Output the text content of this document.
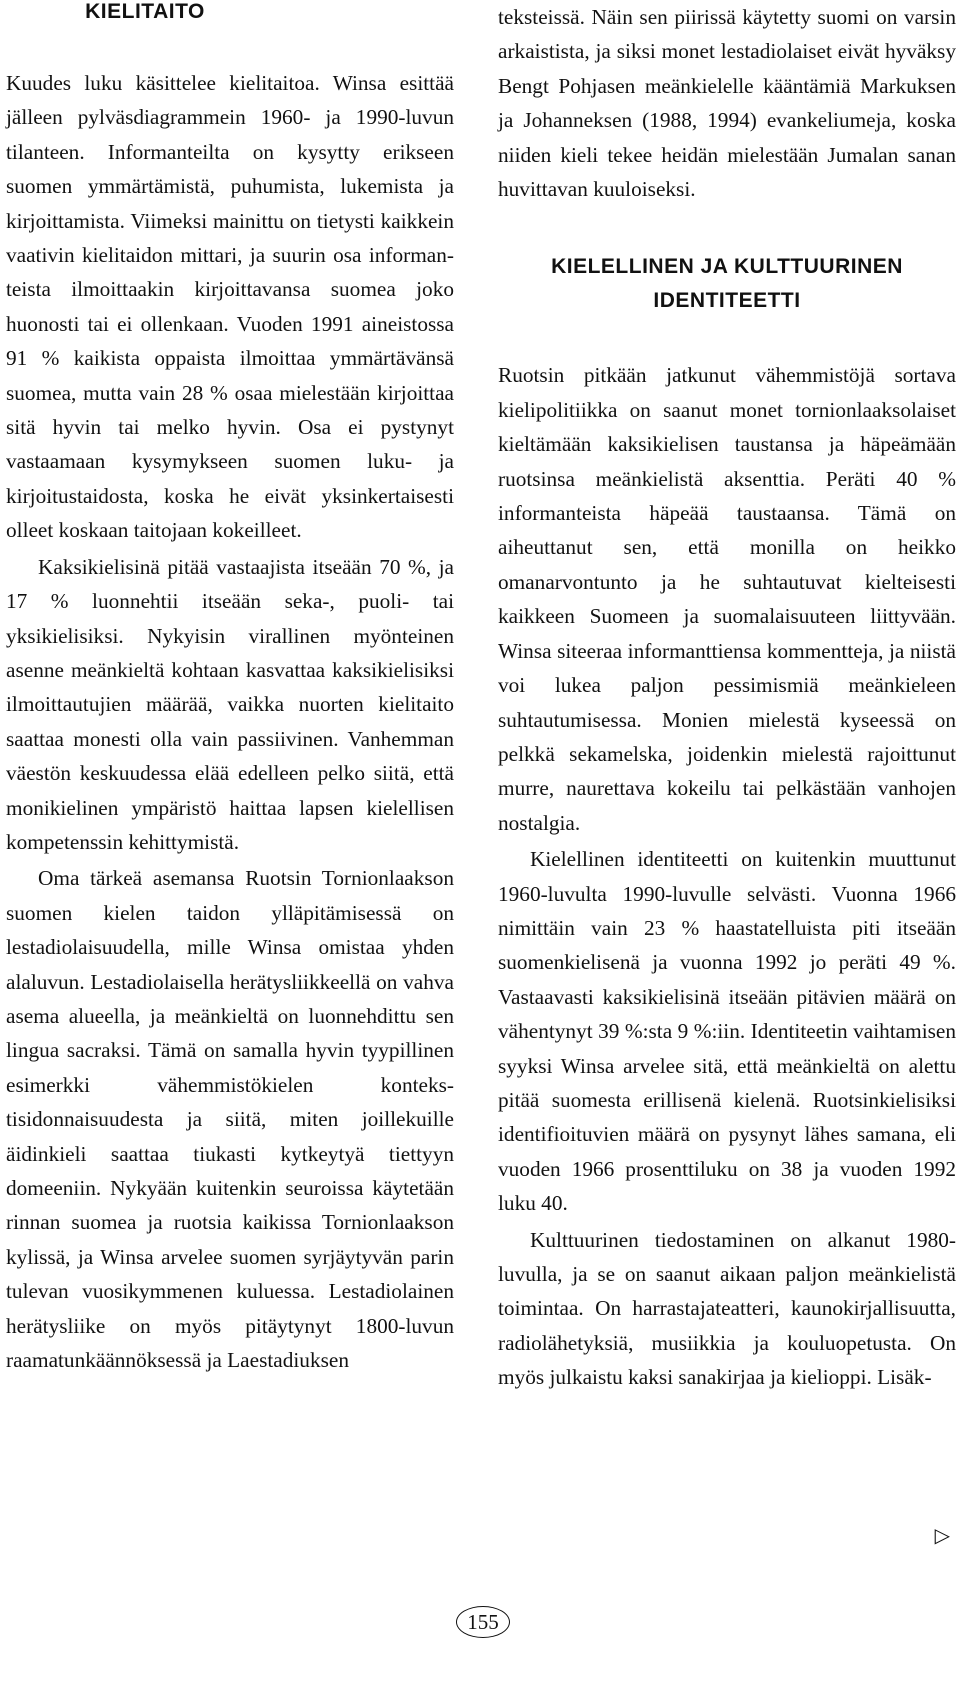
KIELITAITO

Kuudes luku käsittelee kielitaitoa. Winsa esittää jälleen pylväsdiagrammein 1960- ja 1990-luvun tilanteen. Informanteilta on kysytty erikseen suomen ymmärtämistä, puhumista, lukemista ja kirjoittamista. Viimeksi mainittu on tietysti kaikkein vaativin kielitaidon mittari, ja suurin osa informanteista ilmoittaakin kirjoittavansa suomea joko huonosti tai ei ollenkaan. Vuoden 1991 aineistossa 91 % kaikista oppaista ilmoittaa ymmärtävänsä suomea, mutta vain 28 % osaa mielestään kirjoittaa sitä hyvin tai melko hyvin. Osa ei pystynyt vastaamaan kysymykseen suomen luku- ja kirjoitustaidosta, koska he eivät yksinkertaisesti olleet koskaan taitojaan kokeilleet.

Kaksikielisinä pitää vastaajista itseään 70 %, ja 17 % luonnehtii itseään seka-, puoli- tai yksikielisiksi. Nykyisin virallinen myönteinen asenne meänkieltä kohtaan kasvattaa kaksikielisiksi ilmoittautujien määrää, vaikka nuorten kielitaito saattaa monesti olla vain passiivinen. Vanhemman väestön keskuudessa elää edelleen pelko siitä, että monikielinen ympäristö haittaa lapsen kielellisen kompetenssin kehittymistä.

Oma tärkeä asemansa Ruotsin Tornionlaakson suomen kielen taidon ylläpitämisessä on lestadiolaisuudella, mille Winsa omistaa yhden alaluvun. Lestadiolaisella herätysliikkeellä on vahva asema alueella, ja meänkieltä on luonnehdittu sen lingua sacraksi. Tämä on samalla hyvin tyypillinen esimerkki vähemmistökielen kontekstisidonnaisuudesta ja siitä, miten joillekuille äidinkieli saattaa tiukasti kytkeytyä tiettyyn domeeniin. Nykyään kuitenkin seuroissa käytetään rinnan suomea ja ruotsia kaikissa Tornionlaakson kylissä, ja Winsa arvelee suomen syrjäytyvän parin tulevan vuosikymmenen kuluessa. Lestadiolainen herätysliike on myös pitäytynyt 1800-luvun raamatunkäännöksessä ja Laestadiuksen

teksteissä. Näin sen piirissä käytetty suomi on varsin arkaistista, ja siksi monet lestadiolaiset eivät hyväksy Bengt Pohjasen meänkielelle kääntämiä Markuksen ja Johanneksen (1988, 1994) evankeliumeja, koska niiden kieli tekee heidän mielestään Jumalan sanan huvittavan kuuloiseksi.

KIELELLINEN JA KULTTUURINEN
IDENTITEETTI

Ruotsin pitkään jatkunut vähemmistöjä sortava kielipolitiikka on saanut monet tornionlaaksolaiset kieltämään kaksikielisen taustansa ja häpeämään ruotsinsa meänkielistä aksenttia. Peräti 40 % informanteista häpeää taustaansa. Tämä on aiheuttanut sen, että monilla on heikko omanarvontunto ja he suhtautuvat kielteisesti kaikkeen Suomeen ja suomalaisuuteen liittyvään. Winsa siteeraa informanttiensa kommentteja, ja niistä voi lukea paljon pessimismiä meänkieleen suhtautumisessa. Monien mielestä kyseessä on pelkkä sekamelska, joidenkin mielestä rajoittunut murre, naurettava kokeilu tai pelkästään vanhojen nostalgia.

Kielellinen identiteetti on kuitenkin muuttunut 1960-luvulta 1990-luvulle selvästi. Vuonna 1966 nimittäin vain 23 % haastatelluista piti itseään suomenkielisenä ja vuonna 1992 jo peräti 49 %. Vastaavasti kaksikielisinä itseään pitävien määrä on vähentynyt 39 %:sta 9 %:iin. Identiteetin vaihtamisen syyksi Winsa arvelee sitä, että meänkieltä on alettu pitää suomesta erillisenä kielenä. Ruotsinkielisiksi identifioituvien määrä on pysynyt lähes samana, eli vuoden 1966 prosenttiluku on 38 ja vuoden 1992 luku 40.

Kulttuurinen tiedostaminen on alkanut 1980-luvulla, ja se on saanut aikaan paljon meänkielistä toimintaa. On harrastajateatteri, kaunokirjallisuutta, radiolähetyksiä, musiikkia ja kouluopetusta. On myös julkaistu kaksi sanakirjaa ja kielioppi. Lisäk-

▷
155
